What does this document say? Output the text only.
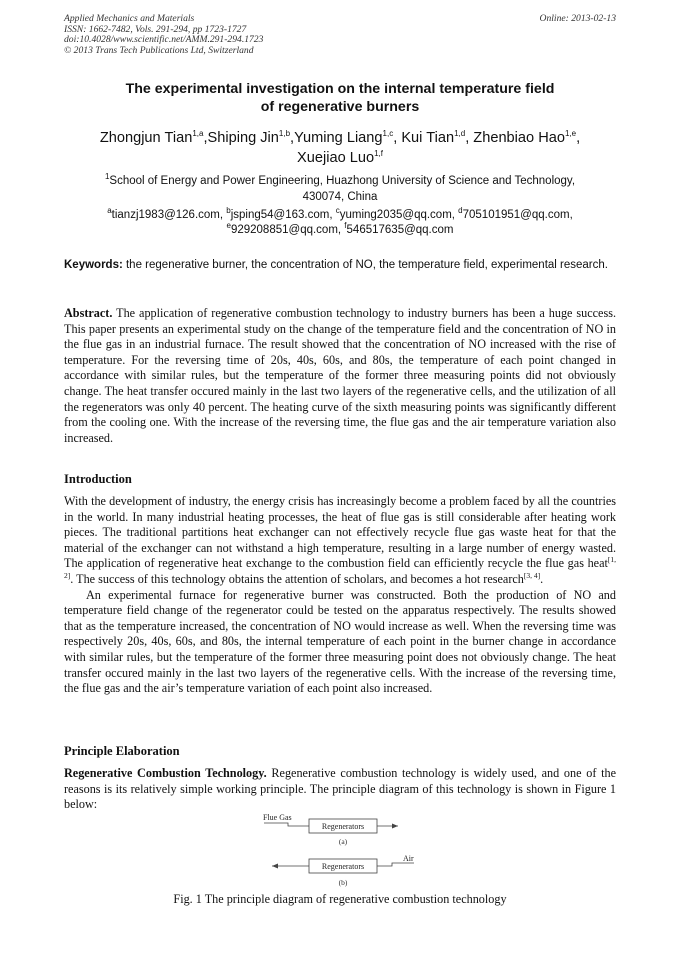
Applied Mechanics and Materials	Online: 2013-02-13
ISSN: 1662-7482, Vols. 291-294, pp 1723-1727
doi:10.4028/www.scientific.net/AMM.291-294.1723
© 2013 Trans Tech Publications Ltd, Switzerland
The experimental investigation on the internal temperature field
of regenerative burners
Zhongjun Tian$^{1,a}$,Shiping Jin$^{1,b}$,Yuming Liang$^{1,c}$, Kui Tian$^{1,d}$, Zhenbiao Hao$^{1,e}$,
Xuejiao Luo$^{1,f}$
$^1$School of Energy and Power Engineering, Huazhong University of Science and Technology,
430074, China
$^a$tianzj1983@126.com, $^b$jsping54@163.com, $^c$yuming2035@qq.com, $^d$705101951@qq.com,
$^e$929208851@qq.com, $^f$546517635@qq.com
Keywords: the regenerative burner, the concentration of NO, the temperature field, experimental research.
Abstract. The application of regenerative combustion technology to industry burners has been a huge success. This paper presents an experimental study on the change of the temperature field and the concentration of NO in the flue gas in an industrial furnace. The result showed that the concentration of NO increased with the rise of temperature. For the reversing time of 20s, 40s, 60s, and 80s, the temperature of each point changed in accordance with similar rules, but the temperature of the former three measuring points did not obviously change. The heat transfer occured mainly in the last two layers of the regenerative cells, and the utilization of all the regenerators was only 40 percent. The heating curve of the sixth measuring points was significantly different from the cooling one. With the increase of the reversing time, the flue gas and the air temperature variation also increased.
Introduction

With the development of industry, the energy crisis has increasingly become a problem faced by all the countries in the world. In many industrial heating processes, the heat of flue gas is still considerable after heating work pieces. The traditional partitions heat exchanger can not effectively recycle flue gas waste heat for that the material of the exchanger can not withstand a high temperature, resulting in a large number of energy wasted. The application of regenerative heat exchange to the combustion field can efficiently recycle the flue gas heat[1, 2]. The success of this technology obtains the attention of scholars, and becomes a hot research[3, 4].

An experimental furnace for regenerative burner was constructed. Both the production of NO and temperature field change of the regenerator could be tested on the apparatus respectively. The results showed that as the temperature increased, the concentration of NO would increase as well. When the reversing time was respectively 20s, 40s, 60s, and 80s, the internal temperature of each point in the burner change in accordance with similar rules, but the temperature of the former three measuring point does not obviously change. The heat transfer occured mainly in the last two layers of the regenerative cells. With the increase of the reversing time, the flue gas and the air’s temperature variation of each point also increased.

Principle Elaboration
Regenerative Combustion Technology. Regenerative combustion technology is widely used, and one of the reasons is its relatively simple working principle. The principle diagram of this technology is shown in Figure 1 below:
Flue Gas
Regenerators
(a)
Air
Regenerators
(b)
Fig. 1 The principle diagram of regenerative combustion technology
